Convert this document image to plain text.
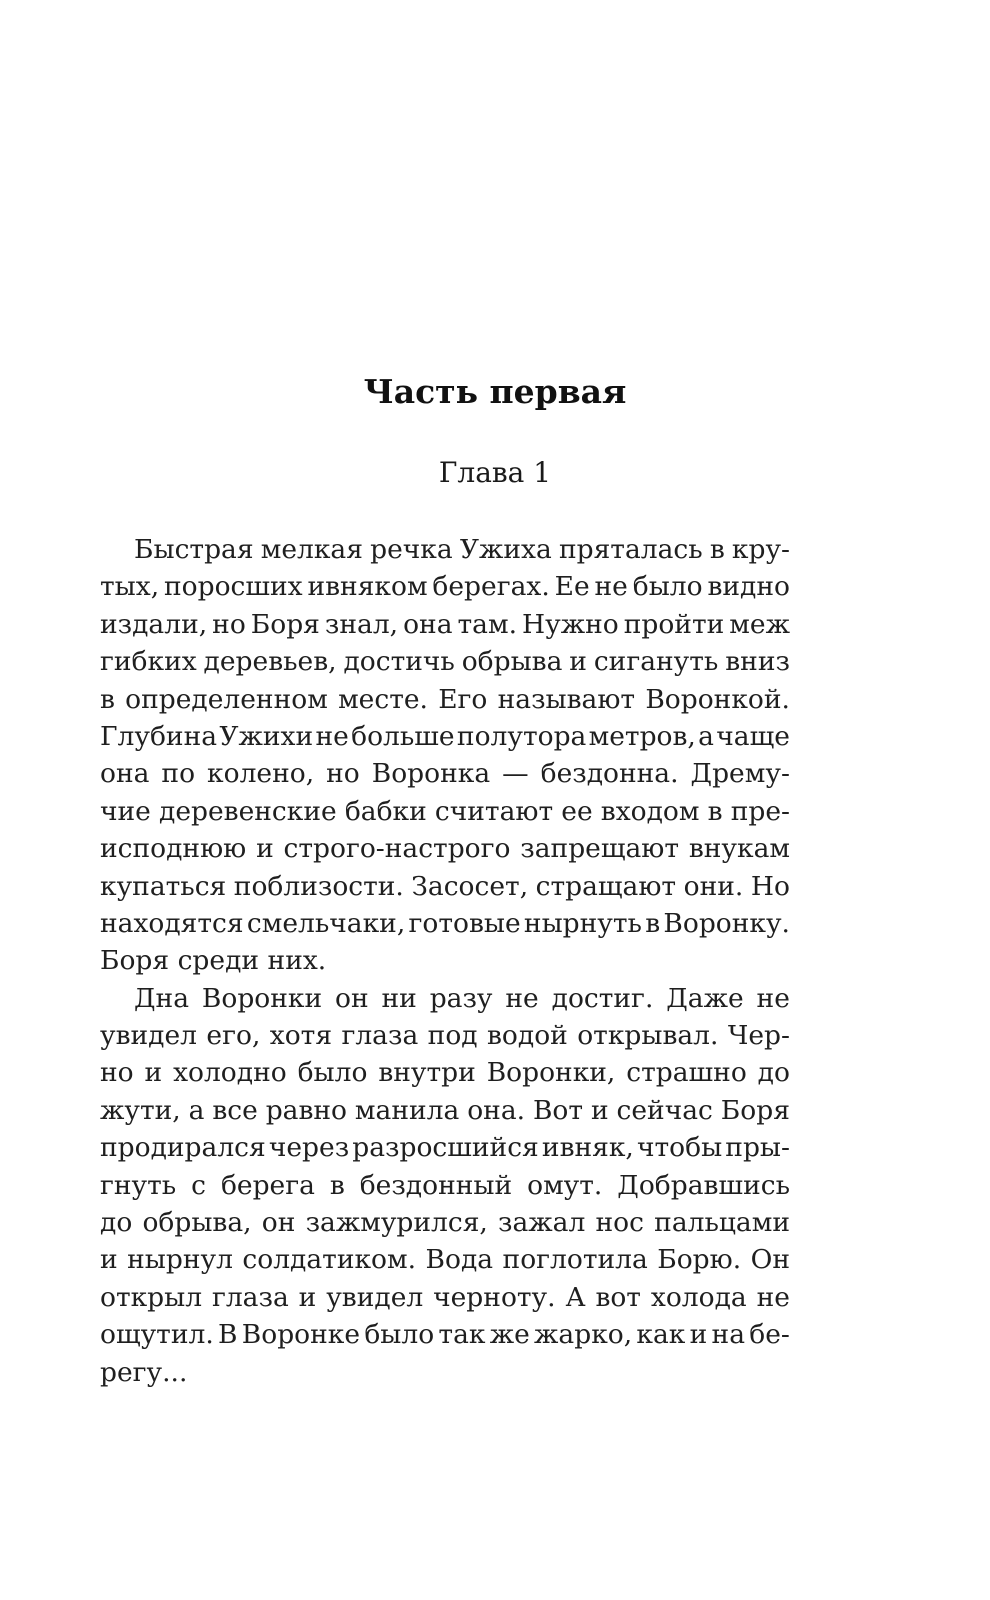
Часть первая
Глава 1
Быстрая мелкая речка Ужиха пряталась в кру-
тых, поросших ивняком берегах. Ее не было видно
издали, но Боря знал, она там. Нужно пройти меж
гибких деревьев, достичь обрыва и сигануть вниз
в определенном месте. Его называют Воронкой.
Глубина Ужихи не больше полутора метров, а чаще
она по колено, но Воронка — бездонна. Дрему-
чие деревенские бабки считают ее входом в пре-
исподнюю и строго-настрого запрещают внукам
купаться поблизости. Засосет, стращают они. Но
находятся смельчаки, готовые нырнуть в Воронку.
Боря среди них.
Дна Воронки он ни разу не достиг. Даже не
увидел его, хотя глаза под водой открывал. Чер-
но и холодно было внутри Воронки, страшно до
жути, а все равно манила она. Вот и сейчас Боря
продирался через разросшийся ивняк, чтобы пры-
гнуть с берега в бездонный омут. Добравшись
до обрыва, он зажмурился, зажал нос пальцами
и нырнул солдатиком. Вода поглотила Борю. Он
открыл глаза и увидел черноту. А вот холода не
ощутил. В Воронке было так же жарко, как и на бе-
регу...
